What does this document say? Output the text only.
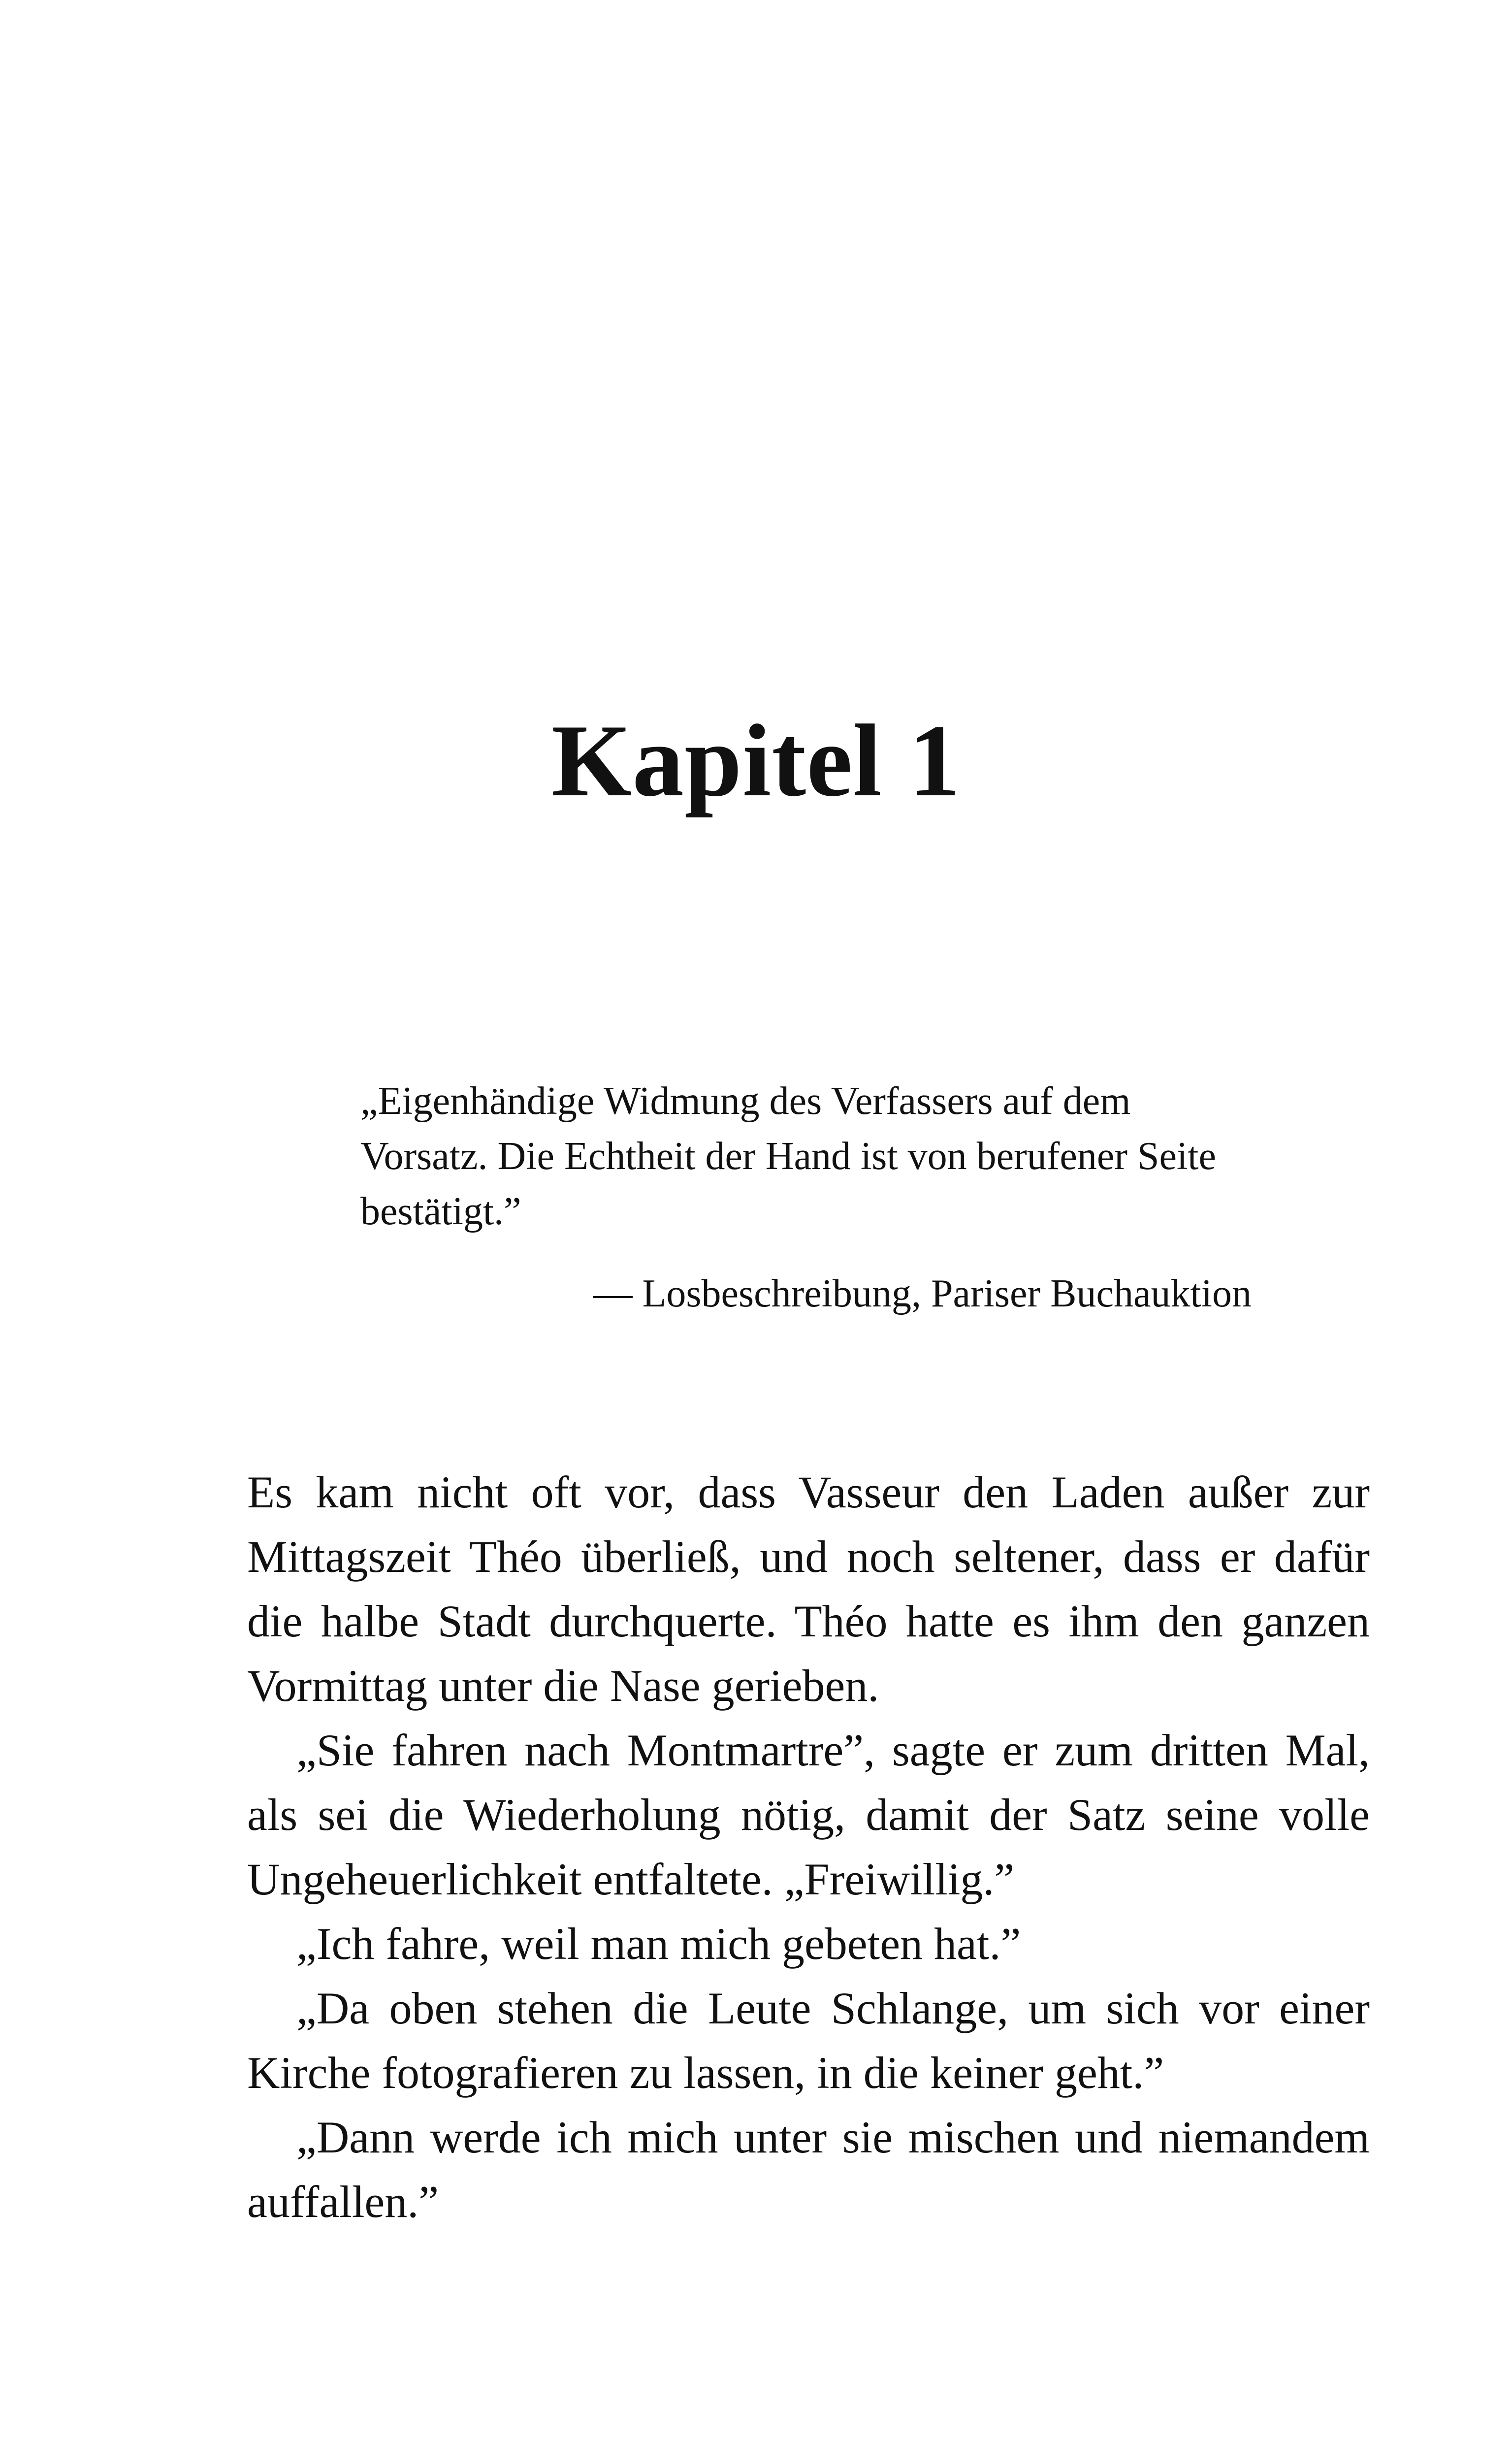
Kapitel 1

„Eigenhändige Widmung des Verfassers auf dem Vorsatz. Die Echtheit der Hand ist von berufener Seite bestätigt.”

— Losbeschreibung, Pariser Buchauktion

Es kam nicht oft vor, dass Vasseur den Laden außer zur Mittagszeit Théo überließ, und noch seltener, dass er dafür die halbe Stadt durchquerte. Théo hatte es ihm den ganzen Vormittag unter die Nase gerieben.

„Sie fahren nach Montmartre”, sagte er zum dritten Mal, als sei die Wiederholung nötig, damit der Satz seine volle Ungeheuerlichkeit entfaltete. „Freiwillig.”

„Ich fahre, weil man mich gebeten hat.”

„Da oben stehen die Leute Schlange, um sich vor einer Kirche fotografieren zu lassen, in die keiner geht.”

„Dann werde ich mich unter sie mischen und niemandem auffallen.”
